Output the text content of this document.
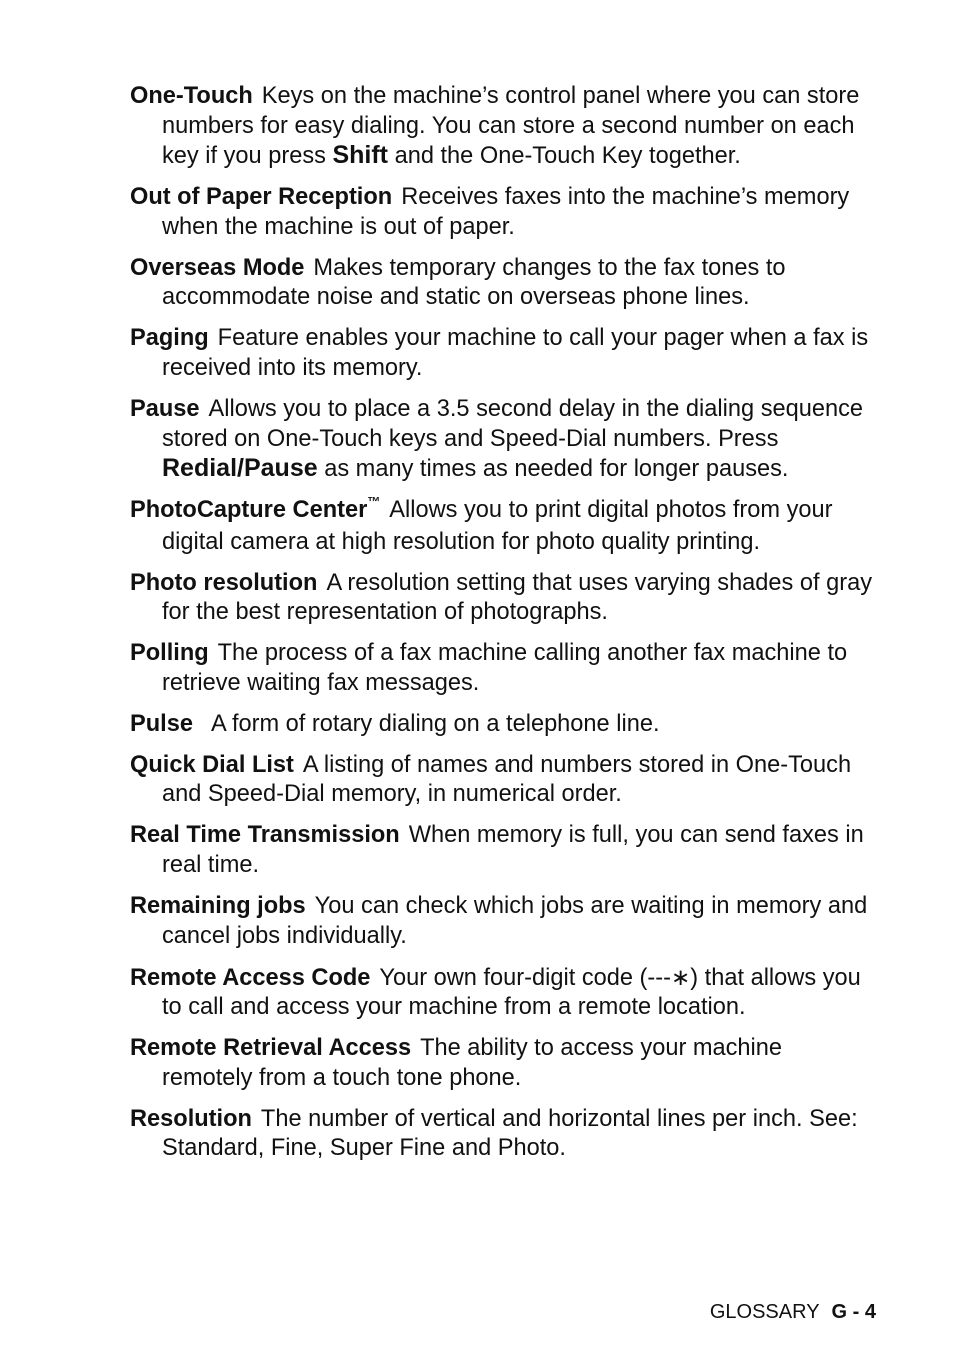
One-Touch Keys on the machine’s control panel where you can store numbers for easy dialing. You can store a second number on each key if you press Shift and the One-Touch Key together.

Out of Paper Reception Receives faxes into the machine’s memory when the machine is out of paper.

Overseas Mode Makes temporary changes to the fax tones to accommodate noise and static on overseas phone lines.

Paging Feature enables your machine to call your pager when a fax is received into its memory.

Pause Allows you to place a 3.5 second delay in the dialing sequence stored on One-Touch keys and Speed-Dial numbers. Press Redial/Pause as many times as needed for longer pauses.

PhotoCapture Center™ Allows you to print digital photos from your digital camera at high resolution for photo quality printing.

Photo resolution A resolution setting that uses varying shades of gray for the best representation of photographs.

Polling The process of a fax machine calling another fax machine to retrieve waiting fax messages.

Pulse A form of rotary dialing on a telephone line.

Quick Dial List A listing of names and numbers stored in One-Touch and Speed-Dial memory, in numerical order.

Real Time Transmission When memory is full, you can send faxes in real time.

Remaining jobs You can check which jobs are waiting in memory and cancel jobs individually.

Remote Access Code Your own four-digit code (---∗) that allows you to call and access your machine from a remote location.

Remote Retrieval Access The ability to access your machine remotely from a touch tone phone.

Resolution The number of vertical and horizontal lines per inch. See: Standard, Fine, Super Fine and Photo.

GLOSSARY G - 4
